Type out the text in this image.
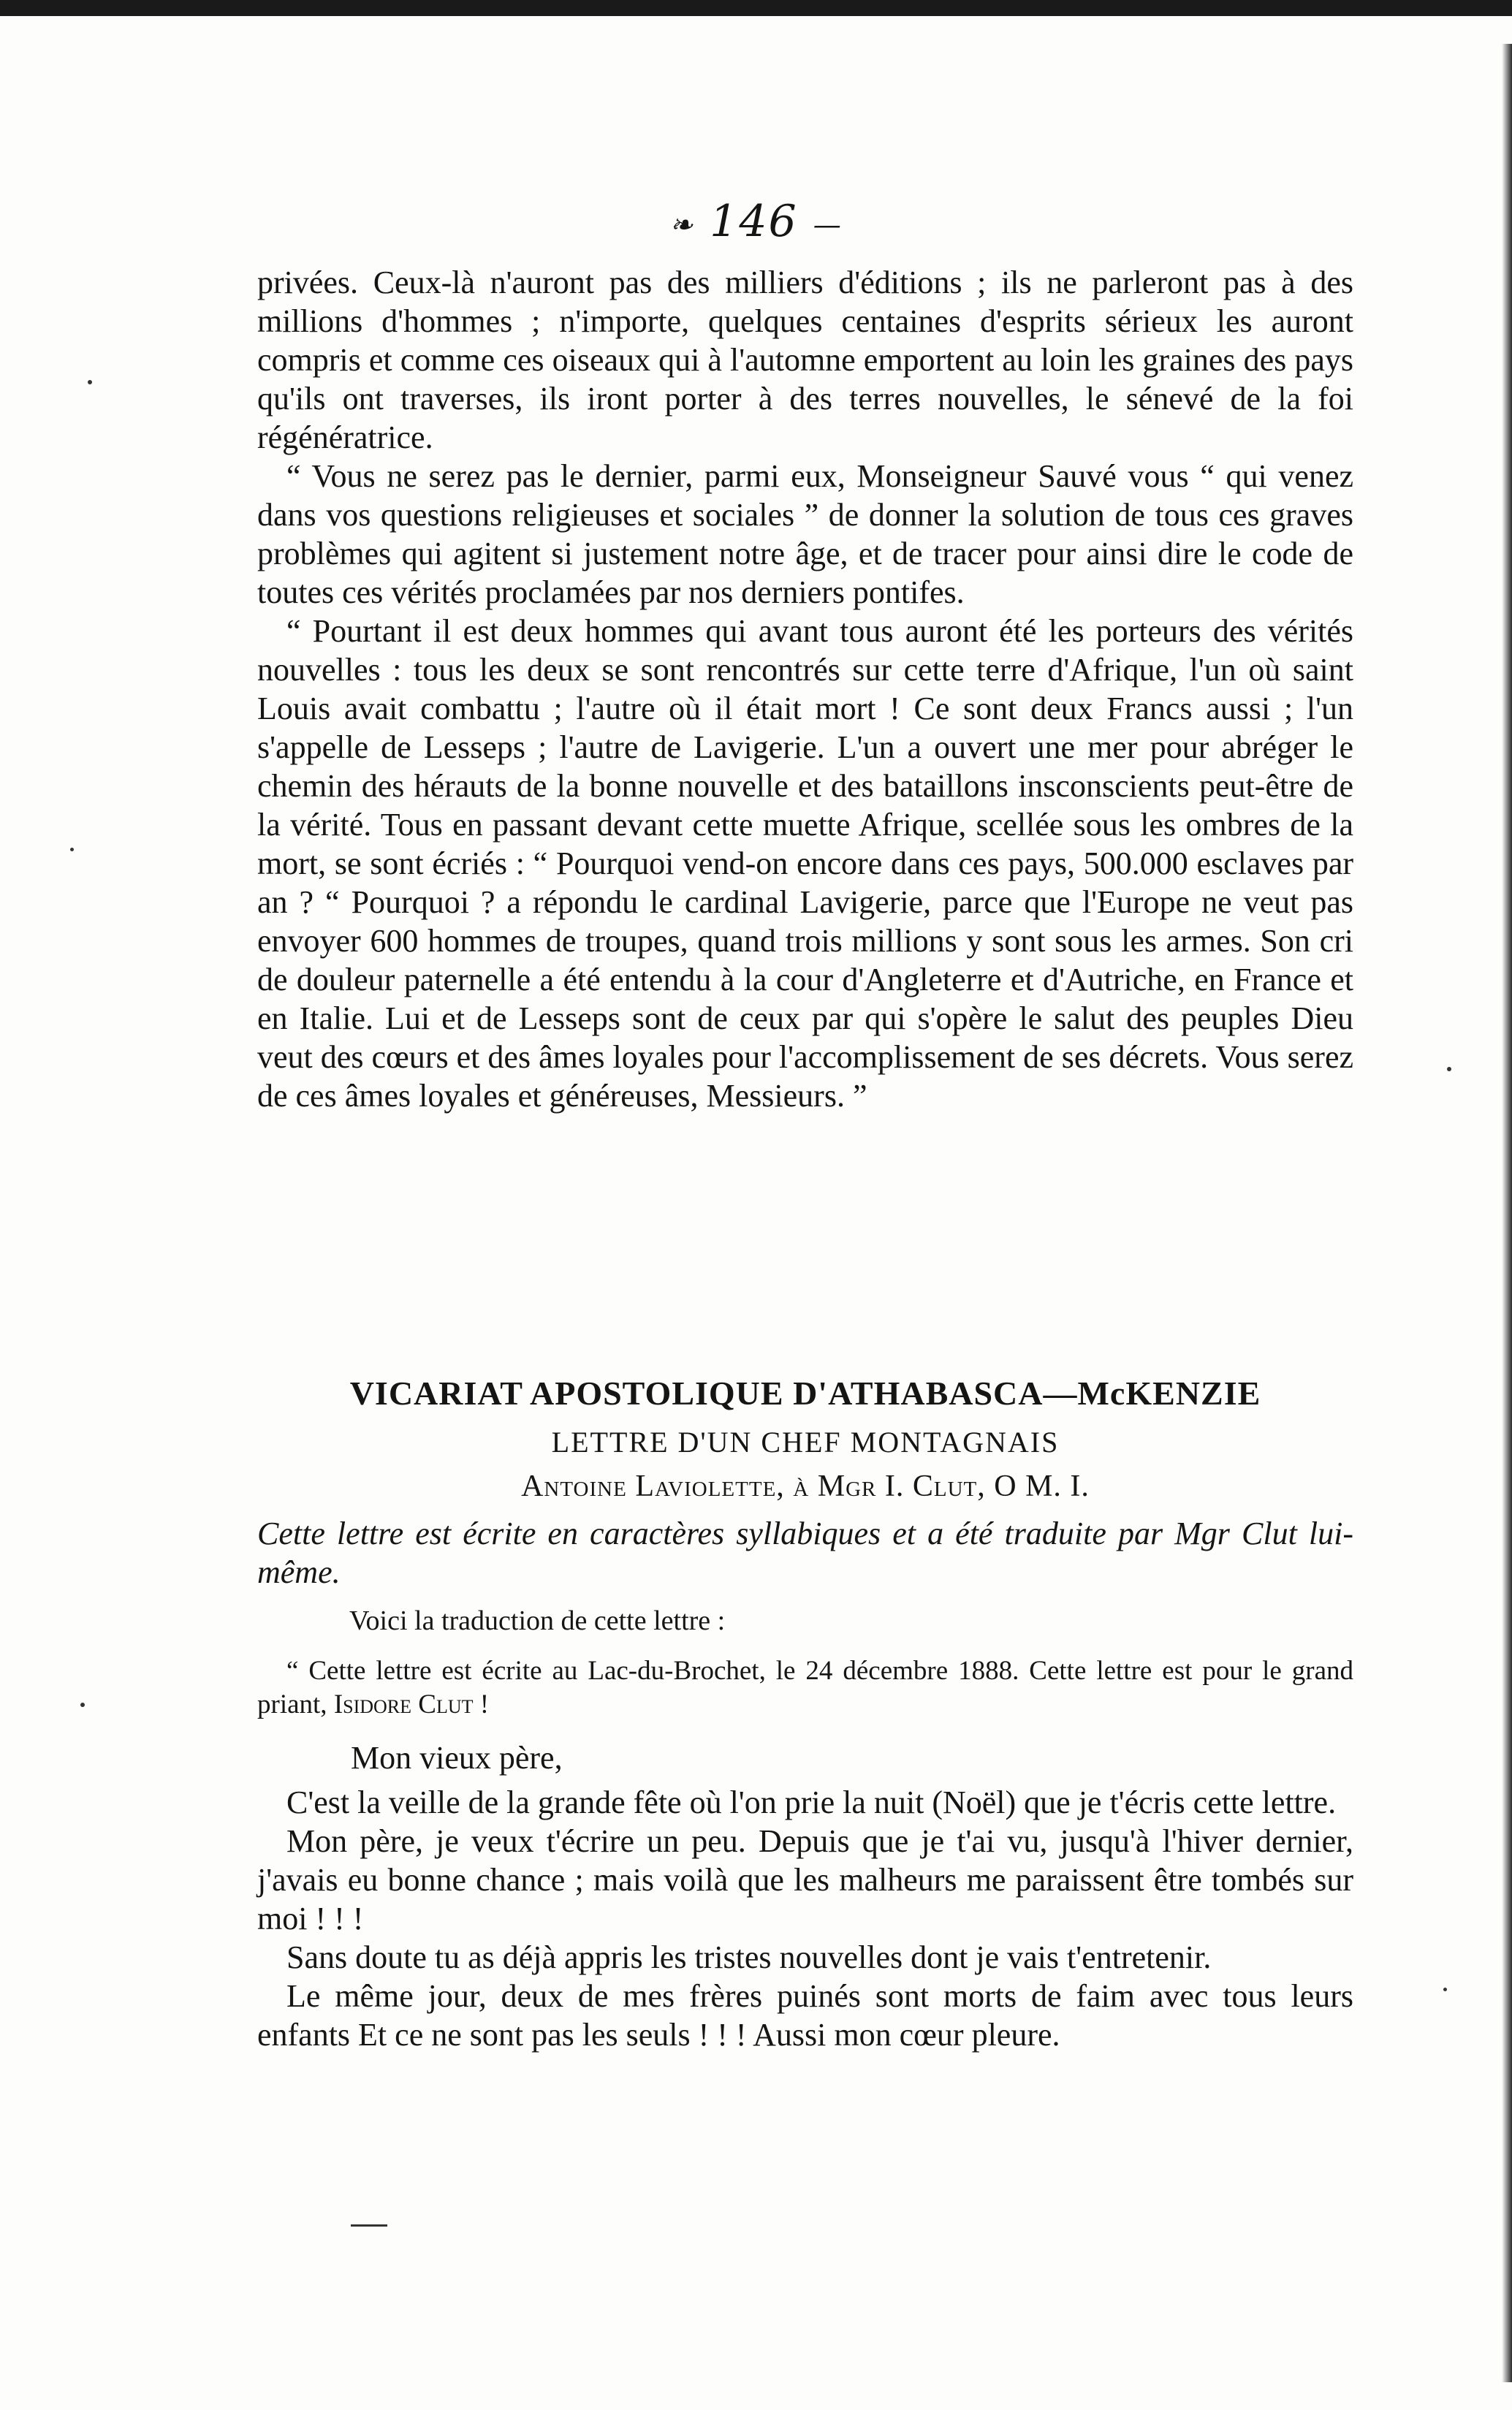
❧ 146 —

privées. Ceux-là n'auront pas des milliers d'éditions ; ils ne parleront pas à des millions d'hommes ; n'importe, quelques centaines d'esprits sérieux les auront compris et comme ces oiseaux qui à l'automne emportent au loin les graines des pays qu'ils ont traverses, ils iront porter à des terres nouvelles, le sénevé de la foi régénératrice.

“ Vous ne serez pas le dernier, parmi eux, Monseigneur Sauvé vous “ qui venez dans vos questions religieuses et sociales ” de donner la solution de tous ces graves problèmes qui agitent si justement notre âge, et de tracer pour ainsi dire le code de toutes ces vérités proclamées par nos derniers pontifes.

“ Pourtant il est deux hommes qui avant tous auront été les porteurs des vérités nouvelles : tous les deux se sont rencontrés sur cette terre d'Afrique, l'un où saint Louis avait combattu ; l'autre où il était mort ! Ce sont deux Francs aussi ; l'un s'appelle de Lesseps ; l'autre de Lavigerie. L'un a ouvert une mer pour abréger le chemin des hérauts de la bonne nouvelle et des bataillons insconscients peut-être de la vérité. Tous en passant devant cette muette Afrique, scellée sous les ombres de la mort, se sont écriés : “ Pourquoi vend-on encore dans ces pays, 500.000 esclaves par an ? “ Pourquoi ? a répondu le cardinal Lavigerie, parce que l'Europe ne veut pas envoyer 600 hommes de troupes, quand trois millions y sont sous les armes. Son cri de douleur paternelle a été entendu à la cour d'Angleterre et d'Autriche, en France et en Italie. Lui et de Lesseps sont de ceux par qui s'opère le salut des peuples Dieu veut des cœurs et des âmes loyales pour l'accomplissement de ses décrets. Vous serez de ces âmes loyales et généreuses, Messieurs. ”

VICARIAT APOSTOLIQUE D'ATHABASCA—McKENZIE
LETTRE D'UN CHEF MONTAGNAIS
Antoine Laviolette, à Mgr I. Clut, O M. I.
Cette lettre est écrite en caractères syllabiques et a été traduite par Mgr Clut lui-même.
Voici la traduction de cette lettre :

“ Cette lettre est écrite au Lac-du-Brochet, le 24 décembre 1888. Cette lettre est pour le grand priant, Isidore Clut !

Mon vieux père,

C'est la veille de la grande fête où l'on prie la nuit (Noël) que je t'écris cette lettre.

Mon père, je veux t'écrire un peu. Depuis que je t'ai vu, jusqu'à l'hiver dernier, j'avais eu bonne chance ; mais voilà que les malheurs me paraissent être tombés sur moi ! ! !

Sans doute tu as déjà appris les tristes nouvelles dont je vais t'entretenir.

Le même jour, deux de mes frères puinés sont morts de faim avec tous leurs enfants Et ce ne sont pas les seuls ! ! ! Aussi mon cœur pleure.
